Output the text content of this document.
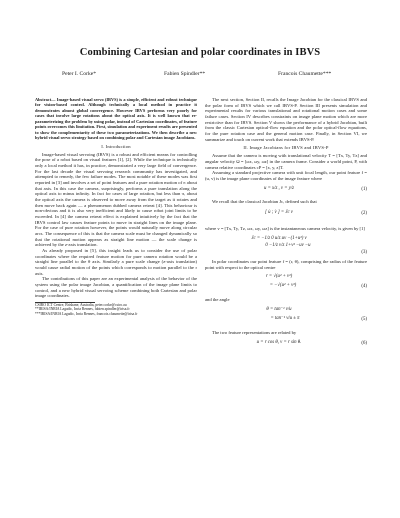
Combining Cartesian and polar coordinates in IBVS
Peter I. Corke*	Fabien Spindler**	Francois Chaumette***

Abstract— Image-based visual servo (IBVS) is a simple, efficient and robust technique for vision-based control. Although technically a local method in practice it demonstrates almost global convergence. However IBVS performs very poorly for cases that involve large rotations about the optical axis. It is well known that re-parameterizing the problem by using polar, instead of Cartesian coordinates, of feature points overcomes this limitation. First, simulation and experiment results are presented to show the complementarity of these two parameterizations. We then describe a new hybrid visual servo strategy based on combining polar and Cartesian image Jacobians.

I. Introduction

Image-based visual servoing (IBVS) is a robust and efficient means for controlling the pose of a robot based on visual features [1], [2]. While the technique is technically only a local method it has, in practice, demonstrated a very large field of convergence. For the last decade the visual servoing research community has investigated, and attempted to remedy, the few failure modes. The most notable of these modes was first reported in [3] and involves a set of point features and a pure rotation motion of π about that axis. In this case the camera, surprisingly, performs a pure translation along the optical axis to minus infinity. In fact for cases of large rotation, but less than π, about the optical axis the camera is observed to move away from the target as it rotates and then move back again — a phenomenon dubbed camera retreat [4]. This behaviour is non-obvious and it is also very inefficient and likely to cause robot joint limits to be exceeded. In [4] the camera retreat effect is explained intuitively by the fact that the IBVS control law causes feature points to move in straight lines on the image plane. For the case of pure rotation however, the points would naturally move along circular arcs. The consequence of this is that the camera scale must be changed dynamically so that the rotational motion appears as straight line motion — the scale change is achieved by the z-axis translation.

As already proposed in [5], this insight leads us to consider the use of polar coordinates where the required feature motion for pure camera rotation would be a straight line parallel to the θ axis. Similarly a pure scale change (z-axis translation) would cause radial motion of the points which corresponds to motion parallel to the r axis.

The contributions of this paper are an experimental analysis of the behavior of the system using the polar image Jacobian, a quantification of the image plane limits to control, and a new hybrid visual servoing scheme combining both Cartesian and polar image coordinates.

CSIRO ICT Centre, Brisbane, Australia, peter.corke@csiro.au
**IRISA/INRIA Lagadic, Inria Rennes, fabien.spindler@irisa.fr
***IRISA/INRIA Lagadic, Inria Rennes, francois.chaumette@irisa.fr

The next section, Section II, recalls the Image Jacobian for the classical IBVS and the polar form of IBVS which we call IBVS-P. Section III presents simulation and experimental results for various translational and rotational motion cases and some failure cases. Section IV describes constraints on image plane motion which are more restrictive than for IBVS. Section V shows the performance of a hybrid Jacobian, built from the classic Cartesian optical-flow equation and the polar optical-flow equations, for the pure rotation case and the general motion case. Finally, in Section VI, we summarize and touch on current work that extends IBVS-P.

II. Image Jacobians for IBVS and IBVS-P

Assume that the camera is moving with translational velocity T = [Tx, Ty, Tz] and angular velocity Ω = [ωx, ωy, ωz] in the camera frame. Consider a world point, P, with camera relative coordinates cP = [x, y, z]T.

Assuming a standard projective camera with unit focal length, our point feature f = (u, v) is the image plane coordinates of the image feature where

u = x/z , v = y/z	(1)

We recall that the classical Jacobian Jc, defined such that

[ u̇ ; v̇ ] = Jc v	(2)

where v = [Tx, Ty, Tz, ωx, ωy, ωz] is the instantaneous camera velocity, is given by [1]

Jc = −1/z 0 u/z uv −(1+u²) v
0 −1/z v/z 1+v² −uv −u
(3)

In polar coordinates our point feature f = (r, θ), comprising the radius of the feature point with respect to the optical centre

r = √(u² + v²)
= −√(u² + v²)	(4)

and the angle

θ = tan⁻¹ v/u
= tan⁻¹ v/u ± π	(5)

The two feature representations are related by

u = r cos θ, v = r sin θ.	(6)
